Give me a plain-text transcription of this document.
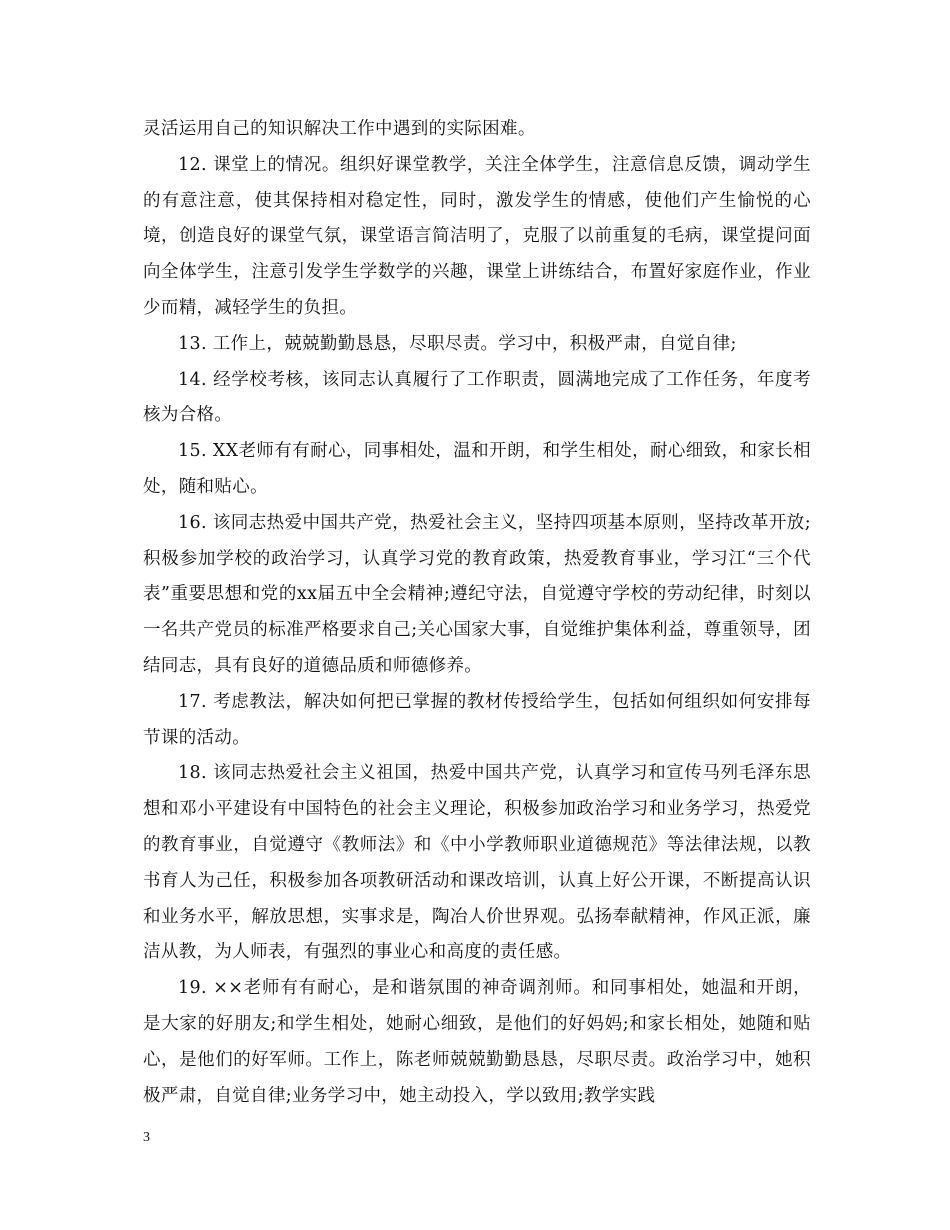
灵活运用自己的知识解决工作中遇到的实际困难。

12. 课堂上的情况。组织好课堂教学，关注全体学生，注意信息反馈，调动学生的有意注意，使其保持相对稳定性，同时，激发学生的情感，使他们产生愉悦的心境，创造良好的课堂气氛，课堂语言简洁明了，克服了以前重复的毛病，课堂提问面向全体学生，注意引发学生学数学的兴趣，课堂上讲练结合，布置好家庭作业，作业少而精，减轻学生的负担。

13. 工作上，兢兢勤勤恳恳，尽职尽责。学习中，积极严肃，自觉自律;

14. 经学校考核，该同志认真履行了工作职责，圆满地完成了工作任务，年度考核为合格。

15. XX老师有有耐心，同事相处，温和开朗，和学生相处，耐心细致，和家长相处，随和贴心。

16. 该同志热爱中国共产党，热爱社会主义，坚持四项基本原则，坚持改革开放;积极参加学校的政治学习，认真学习党的教育政策，热爱教育事业，学习江“三个代表”重要思想和党的xx届五中全会精神;遵纪守法，自觉遵守学校的劳动纪律，时刻以一名共产党员的标准严格要求自己;关心国家大事，自觉维护集体利益，尊重领导，团结同志，具有良好的道德品质和师德修养。

17. 考虑教法，解决如何把已掌握的教材传授给学生，包括如何组织如何安排每节课的活动。

18. 该同志热爱社会主义祖国，热爱中国共产党，认真学习和宣传马列毛泽东思想和邓小平建设有中国特色的社会主义理论，积极参加政治学习和业务学习，热爱党的教育事业，自觉遵守《教师法》和《中小学教师职业道德规范》等法律法规，以教书育人为己任，积极参加各项教研活动和课改培训，认真上好公开课，不断提高认识和业务水平，解放思想，实事求是，陶冶人价世界观。弘扬奉献精神，作风正派，廉洁从教，为人师表，有强烈的事业心和高度的责任感。

19. ××老师有有耐心，是和谐氛围的神奇调剂师。和同事相处，她温和开朗，是大家的好朋友;和学生相处，她耐心细致，是他们的好妈妈;和家长相处，她随和贴心，是他们的好军师。工作上，陈老师兢兢勤勤恳恳，尽职尽责。政治学习中，她积极严肃，自觉自律;业务学习中，她主动投入，学以致用;教学实践

3
